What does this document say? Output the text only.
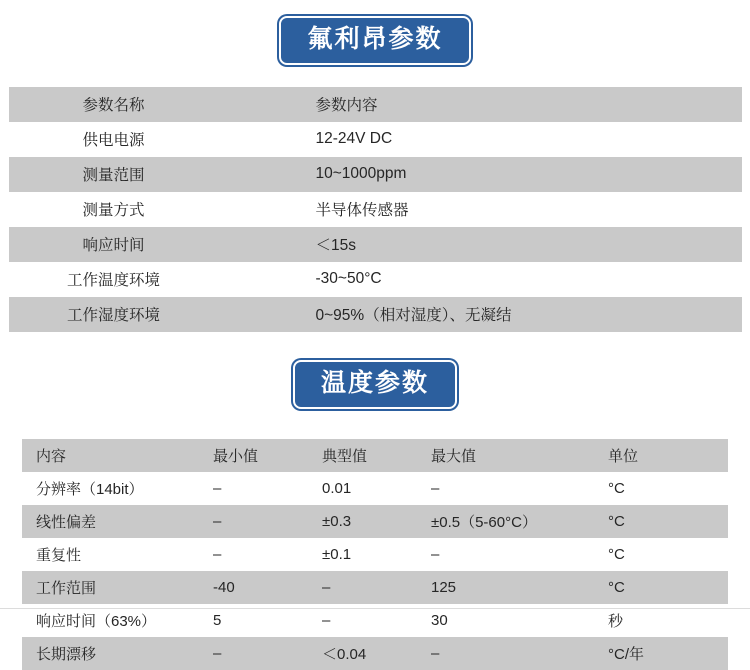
氟利昂参数
参数名称	参数内容
供电电源	12-24V DC
测量范围	10~1000ppm
测量方式	半导体传感器
响应时间	＜15s
工作温度环境	-30~50°C
工作湿度环境	0~95%（相对湿度）、无凝结
温度参数
内容	最小值	典型值	最大值	单位
分辨率（14bit）	–	0.01	–	°C
线性偏差	–	±0.3	±0.5（5-60°C）	°C
重复性	–	±0.1	–	°C
工作范围	-40	–	125	°C
响应时间（63%）	5	–	30	秒
长期漂移	–	＜0.04	–	°C/年
